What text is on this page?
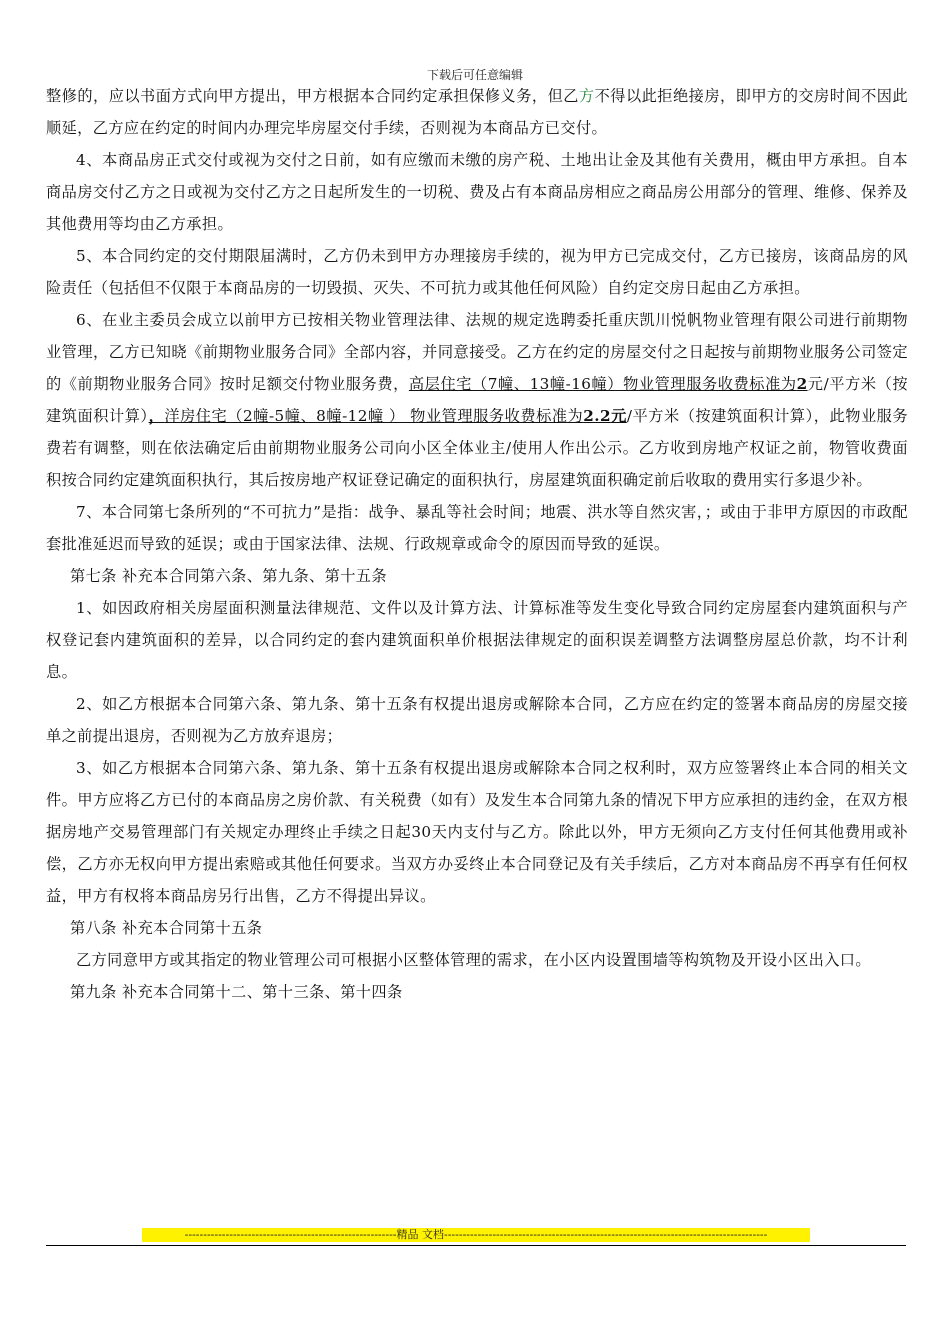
下载后可任意编辑

整修的，应以书面方式向甲方提出，甲方根据本合同约定承担保修义务，但乙方不得以此拒绝接房，即甲方的交房时间不因此顺延，乙方应在约定的时间内办理完毕房屋交付手续，否则视为本商品方已交付。

4、本商品房正式交付或视为交付之日前，如有应缴而未缴的房产税、土地出让金及其他有关费用，概由甲方承担。自本商品房交付乙方之日或视为交付乙方之日起所发生的一切税、费及占有本商品房相应之商品房公用部分的管理、维修、保养及其他费用等均由乙方承担。

5、本合同约定的交付期限届满时，乙方仍未到甲方办理接房手续的，视为甲方已完成交付，乙方已接房，该商品房的风险责任（包括但不仅限于本商品房的一切毁损、灭失、不可抗力或其他任何风险）自约定交房日起由乙方承担。

6、在业主委员会成立以前甲方已按相关物业管理法律、法规的规定选聘委托重庆凯川悦帆物业管理有限公司进行前期物业管理，乙方已知晓《前期物业服务合同》全部内容，并同意接受。乙方在约定的房屋交付之日起按与前期物业服务公司签定的《前期物业服务合同》按时足额交付物业服务费，高层住宅（7幢、13幢-16幢）物业管理服务收费标准为2元/平方米（按建筑面积计算），洋房住宅（2幢-5幢、8幢-12幢 ） 物业管理服务收费标准为2.2元/平方米（按建筑面积计算），此物业服务费若有调整，则在依法确定后由前期物业服务公司向小区全体业主/使用人作出公示。乙方收到房地产权证之前，物管收费面积按合同约定建筑面积执行，其后按房地产权证登记确定的面积执行，房屋建筑面积确定前后收取的费用实行多退少补。

7、本合同第七条所列的“不可抗力”是指：战争、暴乱等社会时间；地震、洪水等自然灾害，；或由于非甲方原因的市政配套批准延迟而导致的延误；或由于国家法律、法规、行政规章或命令的原因而导致的延误。

第七条 补充本合同第六条、第九条、第十五条

1、如因政府相关房屋面积测量法律规范、文件以及计算方法、计算标准等发生变化导致合同约定房屋套内建筑面积与产权登记套内建筑面积的差异，以合同约定的套内建筑面积单价根据法律规定的面积误差调整方法调整房屋总价款，均不计利息。

2、如乙方根据本合同第六条、第九条、第十五条有权提出退房或解除本合同，乙方应在约定的签署本商品房的房屋交接单之前提出退房，否则视为乙方放弃退房；

3、如乙方根据本合同第六条、第九条、第十五条有权提出退房或解除本合同之权利时，双方应签署终止本合同的相关文件。甲方应将乙方已付的本商品房之房价款、有关税费（如有）及发生本合同第九条的情况下甲方应承担的违约金，在双方根据房地产交易管理部门有关规定办理终止手续之日起30天内支付与乙方。除此以外，甲方无须向乙方支付任何其他费用或补偿，乙方亦无权向甲方提出索赔或其他任何要求。当双方办妥终止本合同登记及有关手续后，乙方对本商品房不再享有任何权益，甲方有权将本商品房另行出售，乙方不得提出异议。

第八条 补充本合同第十五条

乙方同意甲方或其指定的物业管理公司可根据小区整体管理的需求，在小区内设置围墙等构筑物及开设小区出入口。

第九条 补充本合同第十二、第十三条、第十四条

---------------------------------------------------------精品 文档---------------------------------------------------------------------------------------
